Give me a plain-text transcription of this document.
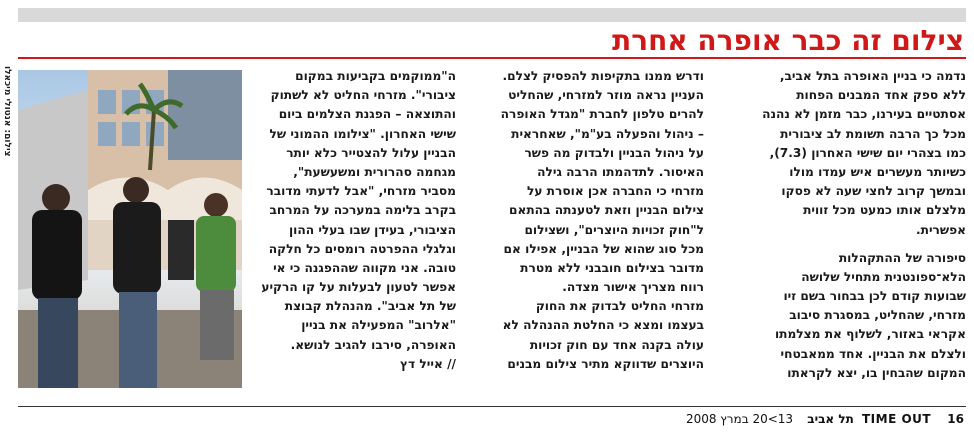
צילום זה כבר אופרה אחרת
נדמה כי בניין האופרה בתל אביב,
ללא ספק אחד המבנים הפחות
אסתטיים בעירנו, כבר מזמן לא נהנה
מכל כך הרבה תשומת לב ציבורית
כמו בצהרי יום שישי האחרון (7.3),
כשיותר מעשרים איש עמדו מולו
ובמשך קרוב לחצי שעה לא פסקו
מלצלם אותו כמעט מכל זווית
אפשרית.
סיפורה של ההתקהלות
הלא־ספונטנית מתחיל שלושה
שבועות קודם לכן בבחור בשם זיו
מזרחי, שהחליט, במסגרת סיבוב
אקראי באזור, לשלוף את מצלמתו
ולצלם את הבניין. אחד ממאבטחי
המקום שהבחין בו, יצא לקראתו
ודרש ממנו בתקיפות להפסיק לצלם.
העניין נראה מוזר למזרחי, שהחליט
להרים טלפון לחברת "מגדל האופרה
– ניהול והפעלה בע"מ", שאחראית
על ניהול הבניין ולבדוק מה פשר
האיסור. לתדהמתו הרבה גילה
מזרחי כי החברה אכן אוסרת על
צילום הבניין וזאת לטענתה בהתאם
ל"חוק זכויות היוצרים", ושצילום
מכל סוג שהוא של הבניין, אפילו אם
מדובר בצילום חובבני ללא מטרת
רווח מצריך אישור מצדה.
מזרחי החליט לבדוק את החוק
בעצמו ומצא כי החלטת ההנהלה לא
עולה בקנה אחד עם חוק זכויות
היוצרים שדווקא מתיר צילום מבנים
ה"ממוקמים בקביעות במקום
ציבורי". מזרחי החליט לא לשתוק
והתוצאה – הפגנת הצלמים ביום
שישי האחרון. "צילומו ההמוני של
הבניין עלול להצטייר כלא יותר
מגחמה סהרורית ומשעשעת",
מסביר מזרחי, "אבל לדעתי מדובר
בקרב בלימה במערכה על המרחב
הציבורי, בעידן שבו בעלי ההון
וגלגלי ההפרטה רומסים כל חלקה
טובה. אני מקווה שההפגנה כי אי
אפשר לטעון לבעלות על קו הרקיע
של תל אביב". מהנהלת קבוצת
"אלרוב" המפעילה את בניין
האופרה, סירבו להגיב לנושא.
// אייל דץ
צילום: אנטולי מיכאלו
16 TIME OUT תל אביב 13>20 במרץ 2008
